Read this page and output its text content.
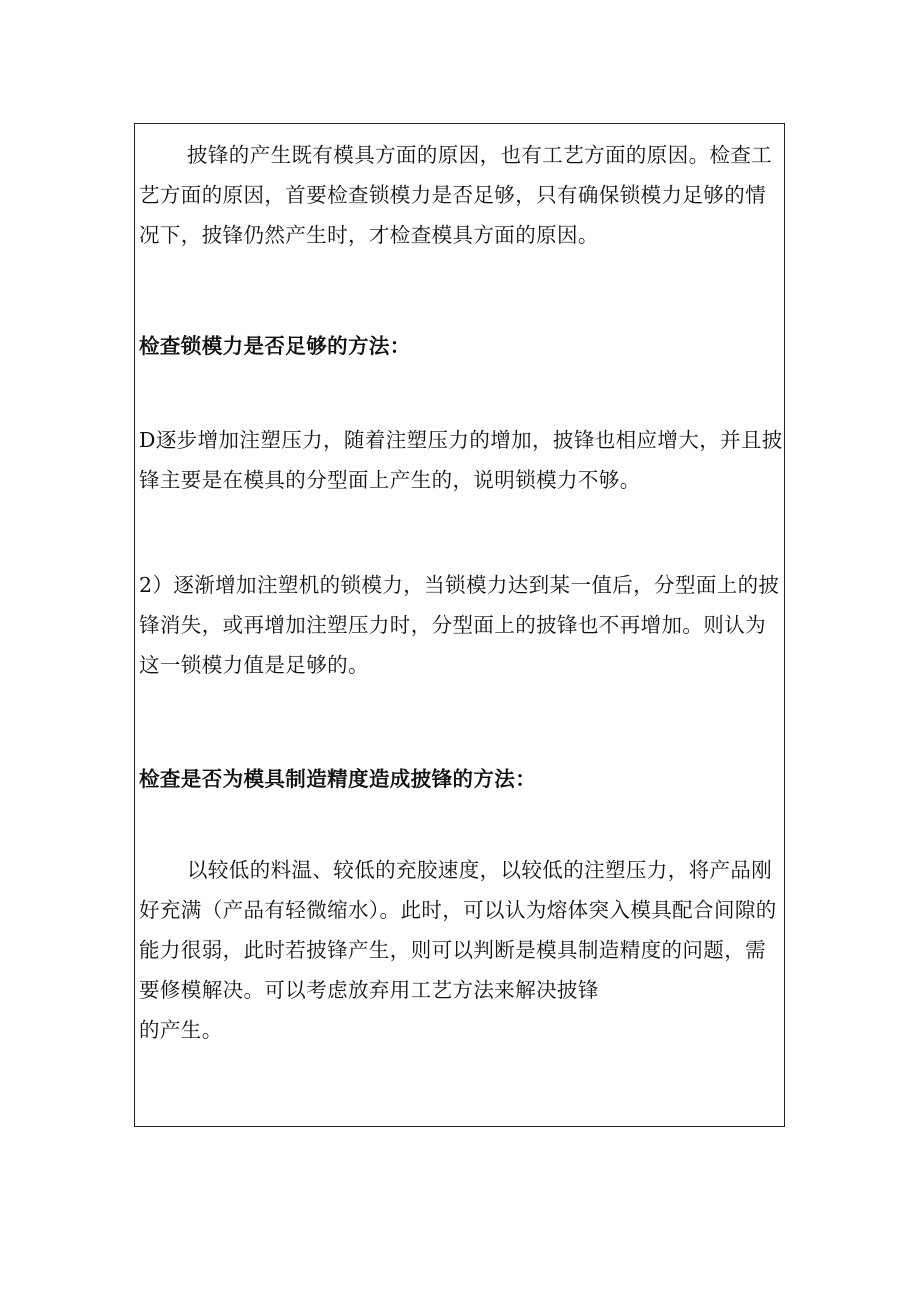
披锋的产生既有模具方面的原因，也有工艺方面的原因。检查工艺方面的原因，首要检查锁模力是否足够，只有确保锁模力足够的情况下，披锋仍然产生时，才检查模具方面的原因。

检查锁模力是否足够的方法：

D逐步增加注塑压力，随着注塑压力的增加，披锋也相应增大，并且披锋主要是在模具的分型面上产生的，说明锁模力不够。

2）逐渐增加注塑机的锁模力，当锁模力达到某一值后，分型面上的披锋消失，或再增加注塑压力时，分型面上的披锋也不再增加。则认为这一锁模力值是足够的。

检查是否为模具制造精度造成披锋的方法：

以较低的料温、较低的充胶速度，以较低的注塑压力，将产品刚好充满（产品有轻微缩水）。此时，可以认为熔体突入模具配合间隙的能力很弱，此时若披锋产生，则可以判断是模具制造精度的问题，需要修模解决。可以考虑放弃用工艺方法来解决披锋

的产生。
